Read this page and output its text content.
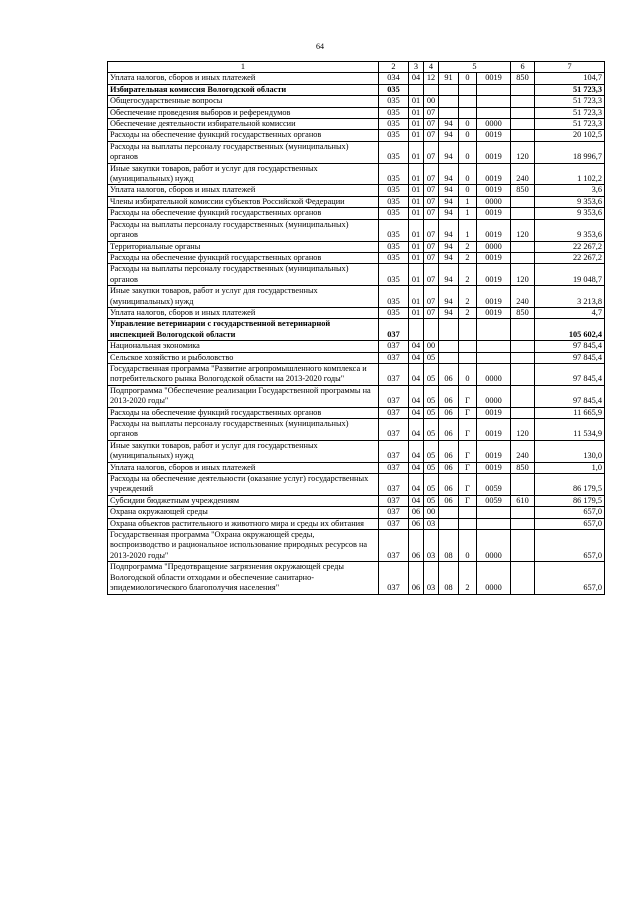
64
1	2	3	4	5			6	7
Уплата налогов, сборов и иных платежей	034	04	12	91	0	0019	850	104,7
Избирательная комиссия Вологодской области	035							51 723,3
Общегосударственные вопросы	035	01	00					51 723,3
Обеспечение проведения выборов и референдумов	035	01	07					51 723,3
Обеспечение деятельности избирательной комиссии	035	01	07	94	0	0000		51 723,3
Расходы на обеспечение функций государственных органов	035	01	07	94	0	0019		20 102,5
Расходы на выплаты персоналу государственных (муниципальных) органов	035	01	07	94	0	0019	120	18 996,7
Иные закупки товаров, работ и услуг для государственных (муниципальных) нужд	035	01	07	94	0	0019	240	1 102,2
Уплата налогов, сборов и иных платежей	035	01	07	94	0	0019	850	3,6
Члены избирательной комиссии субъектов Российской Федерации	035	01	07	94	1	0000		9 353,6
Расходы на обеспечение функций государственных органов	035	01	07	94	1	0019		9 353,6
Расходы на выплаты персоналу государственных (муниципальных) органов	035	01	07	94	1	0019	120	9 353,6
Территориальные органы	035	01	07	94	2	0000		22 267,2
Расходы на обеспечение функций государственных органов	035	01	07	94	2	0019		22 267,2
Расходы на выплаты персоналу государственных (муниципальных) органов	035	01	07	94	2	0019	120	19 048,7
Иные закупки товаров, работ и услуг для государственных (муниципальных) нужд	035	01	07	94	2	0019	240	3 213,8
Уплата налогов, сборов и иных платежей	035	01	07	94	2	0019	850	4,7
Управление ветеринарии с государственной ветеринарной инспекцией Вологодской области	037							105 602,4
Национальная экономика	037	04	00					97 845,4
Сельское хозяйство и рыболовство	037	04	05					97 845,4
Государственная программа "Развитие агропромышленного комплекса и потребительского рынка Вологодской области на 2013-2020 годы"	037	04	05	06	0	0000		97 845,4
Подпрограмма "Обеспечение реализации Государственной программы на 2013-2020 годы"	037	04	05	06	Г	0000		97 845,4
Расходы на обеспечение функций государственных органов	037	04	05	06	Г	0019		11 665,9
Расходы на выплаты персоналу государственных (муниципальных) органов	037	04	05	06	Г	0019	120	11 534,9
Иные закупки товаров, работ и услуг для государственных (муниципальных) нужд	037	04	05	06	Г	0019	240	130,0
Уплата налогов, сборов и иных платежей	037	04	05	06	Г	0019	850	1,0
Расходы на обеспечение деятельности (оказание услуг) государственных учреждений	037	04	05	06	Г	0059		86 179,5
Субсидии бюджетным учреждениям	037	04	05	06	Г	0059	610	86 179,5
Охрана окружающей среды	037	06	00					657,0
Охрана объектов растительного и животного мира и среды их обитания	037	06	03					657,0
Государственная программа "Охрана окружающей среды, воспроизводство и рациональное использование природных ресурсов на 2013-2020 годы"	037	06	03	08	0	0000		657,0
Подпрограмма "Предотвращение загрязнения окружающей среды Вологодской области отходами и обеспечение санитарно-эпидемиологического благополучия населения"	037	06	03	08	2	0000		657,0
